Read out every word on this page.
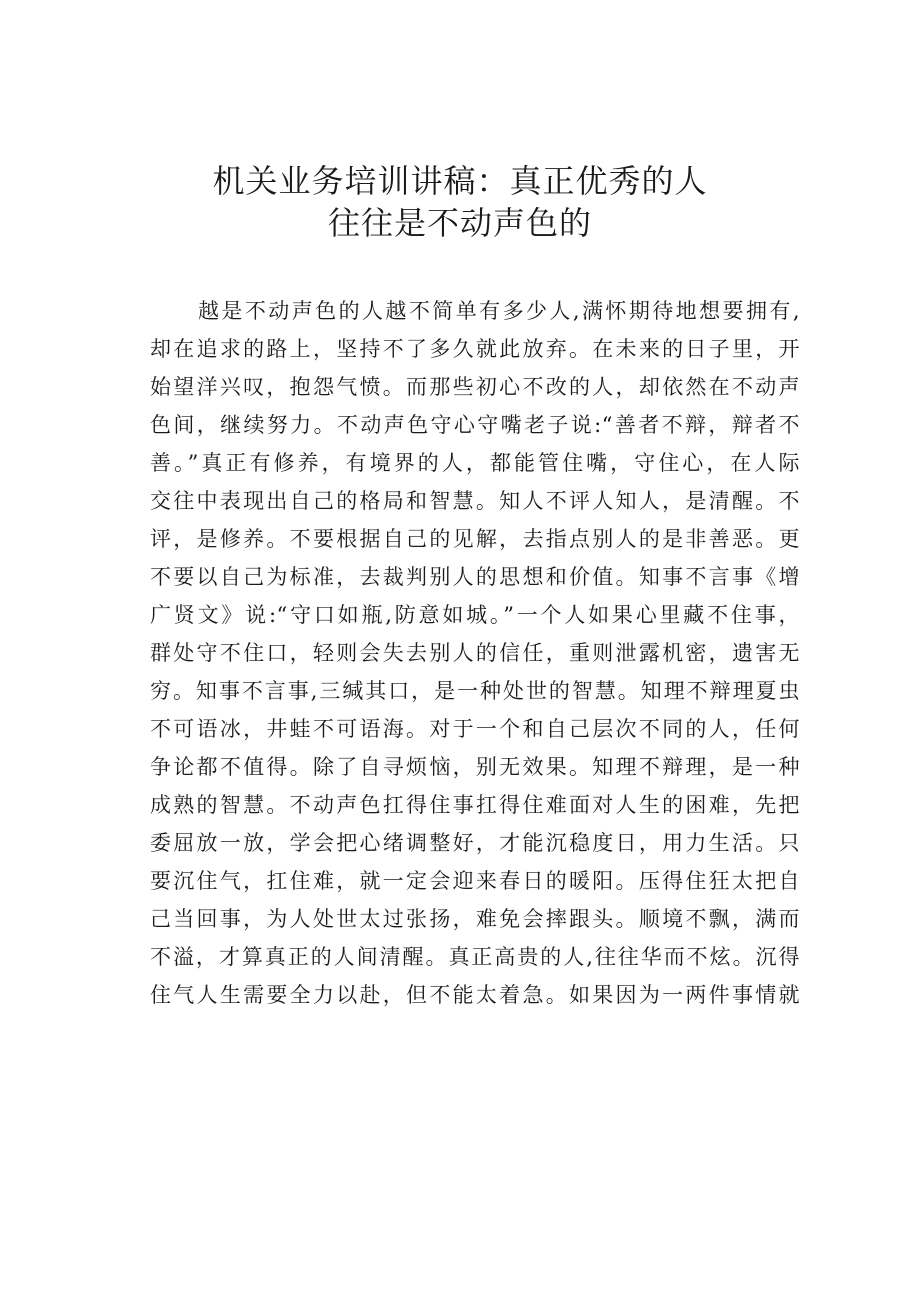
机关业务培训讲稿：真正优秀的人
往往是不动声色的
越是不动声色的人越不简单有多少人,满怀期待地想要拥有,
却在追求的路上，坚持不了多久就此放弃。在未来的日子里，开
始望洋兴叹，抱怨气愤。而那些初心不改的人，却依然在不动声
色间，继续努力。不动声色守心守嘴老子说:“善者不辩，辩者不
善。”真正有修养，有境界的人，都能管住嘴，守住心，在人际
交往中表现出自己的格局和智慧。知人不评人知人，是清醒。不
评，是修养。不要根据自己的见解，去指点别人的是非善恶。更
不要以自己为标准，去裁判别人的思想和价值。知事不言事《增
广贤文》说:“守口如瓶,防意如城。”一个人如果心里藏不住事，
群处守不住口，轻则会失去别人的信任，重则泄露机密，遗害无
穷。知事不言事,三缄其口，是一种处世的智慧。知理不辩理夏虫
不可语冰，井蛙不可语海。对于一个和自己层次不同的人，任何
争论都不值得。除了自寻烦恼，别无效果。知理不辩理，是一种
成熟的智慧。不动声色扛得住事扛得住难面对人生的困难，先把
委屈放一放，学会把心绪调整好，才能沉稳度日，用力生活。只
要沉住气，扛住难，就一定会迎来春日的暖阳。压得住狂太把自
己当回事，为人处世太过张扬，难免会摔跟头。顺境不飘，满而
不溢，才算真正的人间清醒。真正高贵的人,往往华而不炫。沉得
住气人生需要全力以赴，但不能太着急。如果因为一两件事情就
